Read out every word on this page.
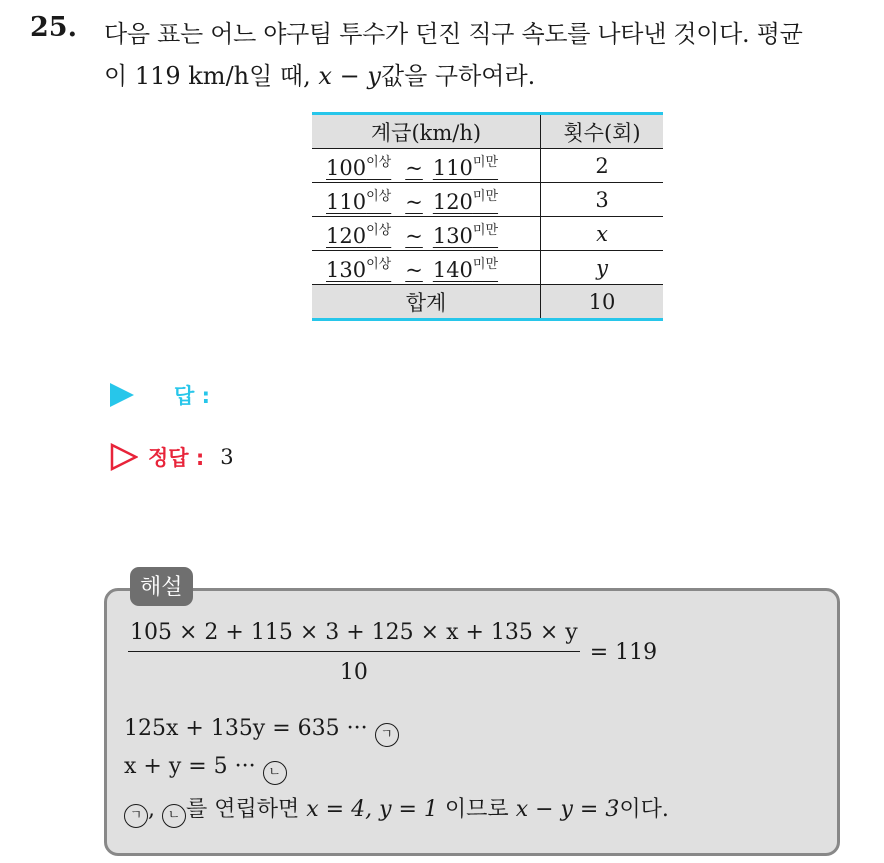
25. 다음 표는 어느 야구팀 투수가 던진 직구 속도를 나타낸 것이다. 평균
이 119 km/h일 때, x − y값을 구하여라.
계급(km/h)	횟수(회)
$100^{이상}$ ~ $110^{미만}$	2
$110^{이상}$ ~ $120^{미만}$	3
$120^{이상}$ ~ $130^{미만}$	x
$130^{이상}$ ~ $140^{미만}$	y
합계	10
답 :
정답 : 3
해설
$\frac{105 \times 2 + 115 \times 3 + 125 \times x + 135 \times y}{10} = 119$
125x + 135y = 635 ··· ㄱ
x + y = 5 ··· ㄴ
ㄱ , ㄴ 를 연립하면 x = 4, y = 1 이므로 x − y = 3이다.
